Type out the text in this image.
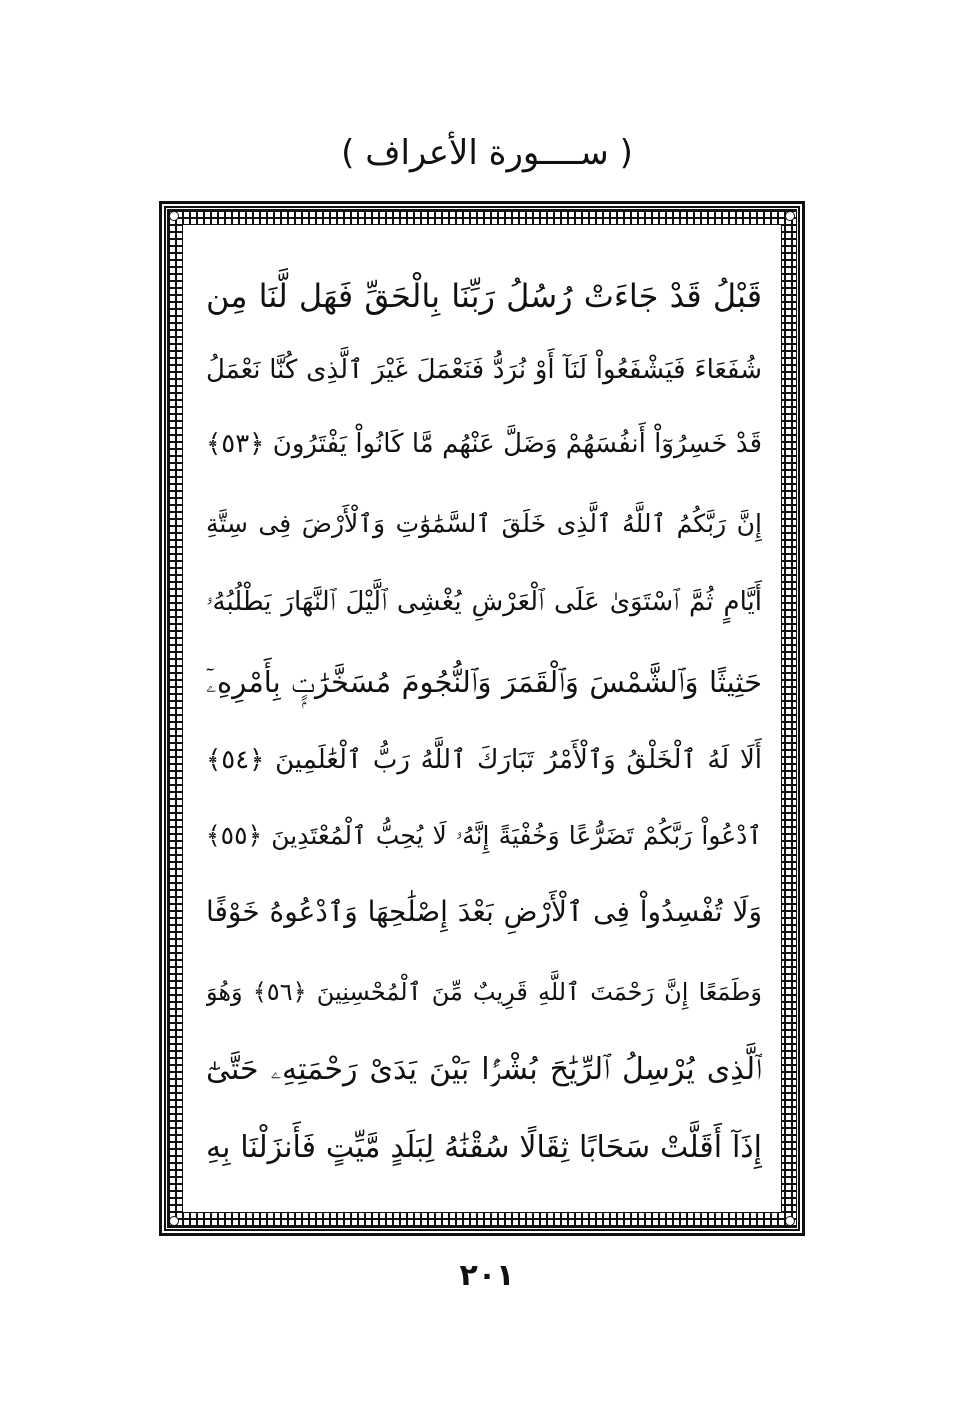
( ســــورة الأعراف )
قَبْلُ قَدْ جَاءَتْ رُسُلُ رَبِّنَا بِالْحَقِّ فَهَل لَّنَا مِن
شُفَعَاءَ فَيَشْفَعُواْ لَنَآ أَوْ نُرَدُّ فَنَعْمَلَ غَيْرَ ٱلَّذِى كُنَّا نَعْمَلُ
قَدْ خَسِرُوٓاْ أَنفُسَهُمْ وَضَلَّ عَنْهُم مَّا كَانُواْ يَفْتَرُونَ ﴿٥٣﴾
إِنَّ رَبَّكُمُ ٱللَّهُ ٱلَّذِى خَلَقَ ٱلسَّمَٰوَٰتِ وَٱلْأَرْضَ فِى سِتَّةِ
أَيَّامٍ ثُمَّ ٱسْتَوَىٰ عَلَى ٱلْعَرْشِ يُغْشِى ٱلَّيْلَ ٱلنَّهَارَ يَطْلُبُهُۥ
حَثِيثًا وَٱلشَّمْسَ وَٱلْقَمَرَ وَٱلنُّجُومَ مُسَخَّرَٰتٍۭ بِأَمْرِهِۦٓ
أَلَا لَهُ ٱلْخَلْقُ وَٱلْأَمْرُ تَبَارَكَ ٱللَّهُ رَبُّ ٱلْعَٰلَمِينَ ﴿٥٤﴾
ٱدْعُواْ رَبَّكُمْ تَضَرُّعًا وَخُفْيَةً إِنَّهُۥ لَا يُحِبُّ ٱلْمُعْتَدِينَ ﴿٥٥﴾
وَلَا تُفْسِدُواْ فِى ٱلْأَرْضِ بَعْدَ إِصْلَٰحِهَا وَٱدْعُوهُ خَوْفًا
وَطَمَعًا إِنَّ رَحْمَتَ ٱللَّهِ قَرِيبٌ مِّنَ ٱلْمُحْسِنِينَ ﴿٥٦﴾ وَهُوَ
ٱلَّذِى يُرْسِلُ ٱلرِّيَٰحَ بُشْرًۢا بَيْنَ يَدَىْ رَحْمَتِهِۦ حَتَّىٰٓ
إِذَآ أَقَلَّتْ سَحَابًا ثِقَالًا سُقْنَٰهُ لِبَلَدٍ مَّيِّتٍ فَأَنزَلْنَا بِهِ
٢٠١
